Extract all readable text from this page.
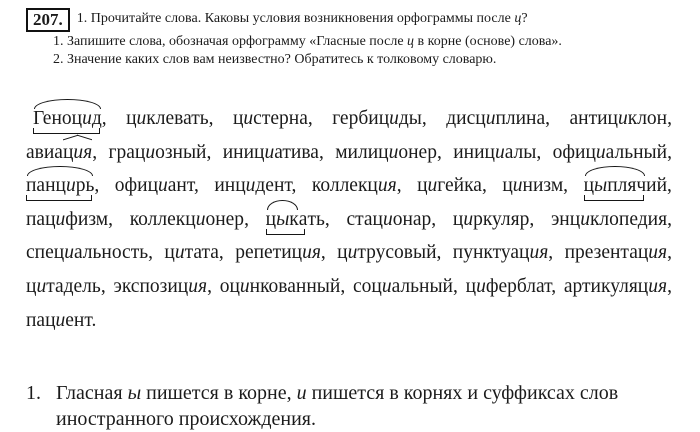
207.	1. Прочитайте слова. Каковы условия возникновения орфограммы после ц?
1. Запишите слова, обозначая орфограмму «Гласные после ц в корне (основе) слова».
2. Значение каких слов вам неизвестно? Обратитесь к толковому словарю.
Геноцид, циклевать, цистерна, гербициды, дисциплина, антициклон,
авиация, грациозный, инициатива, милиционер, инициалы, официальный,
панцирь, официант, инцидент, коллекция, цигейка, цинизм, цыплячий,
пацифизм, коллекционер, цыкать, стационар, циркуляр, энциклопедия,
специальность, цитата, репетиция, цитрусовый, пунктуация, презентация,
цитадель, экспозиция, оцинкованный, социальный, циферблат, артикуляция,
пациент.
1. Гласная ы пишется в корне, и пишется в корнях и суффиксах слов иностранного происхождения.
